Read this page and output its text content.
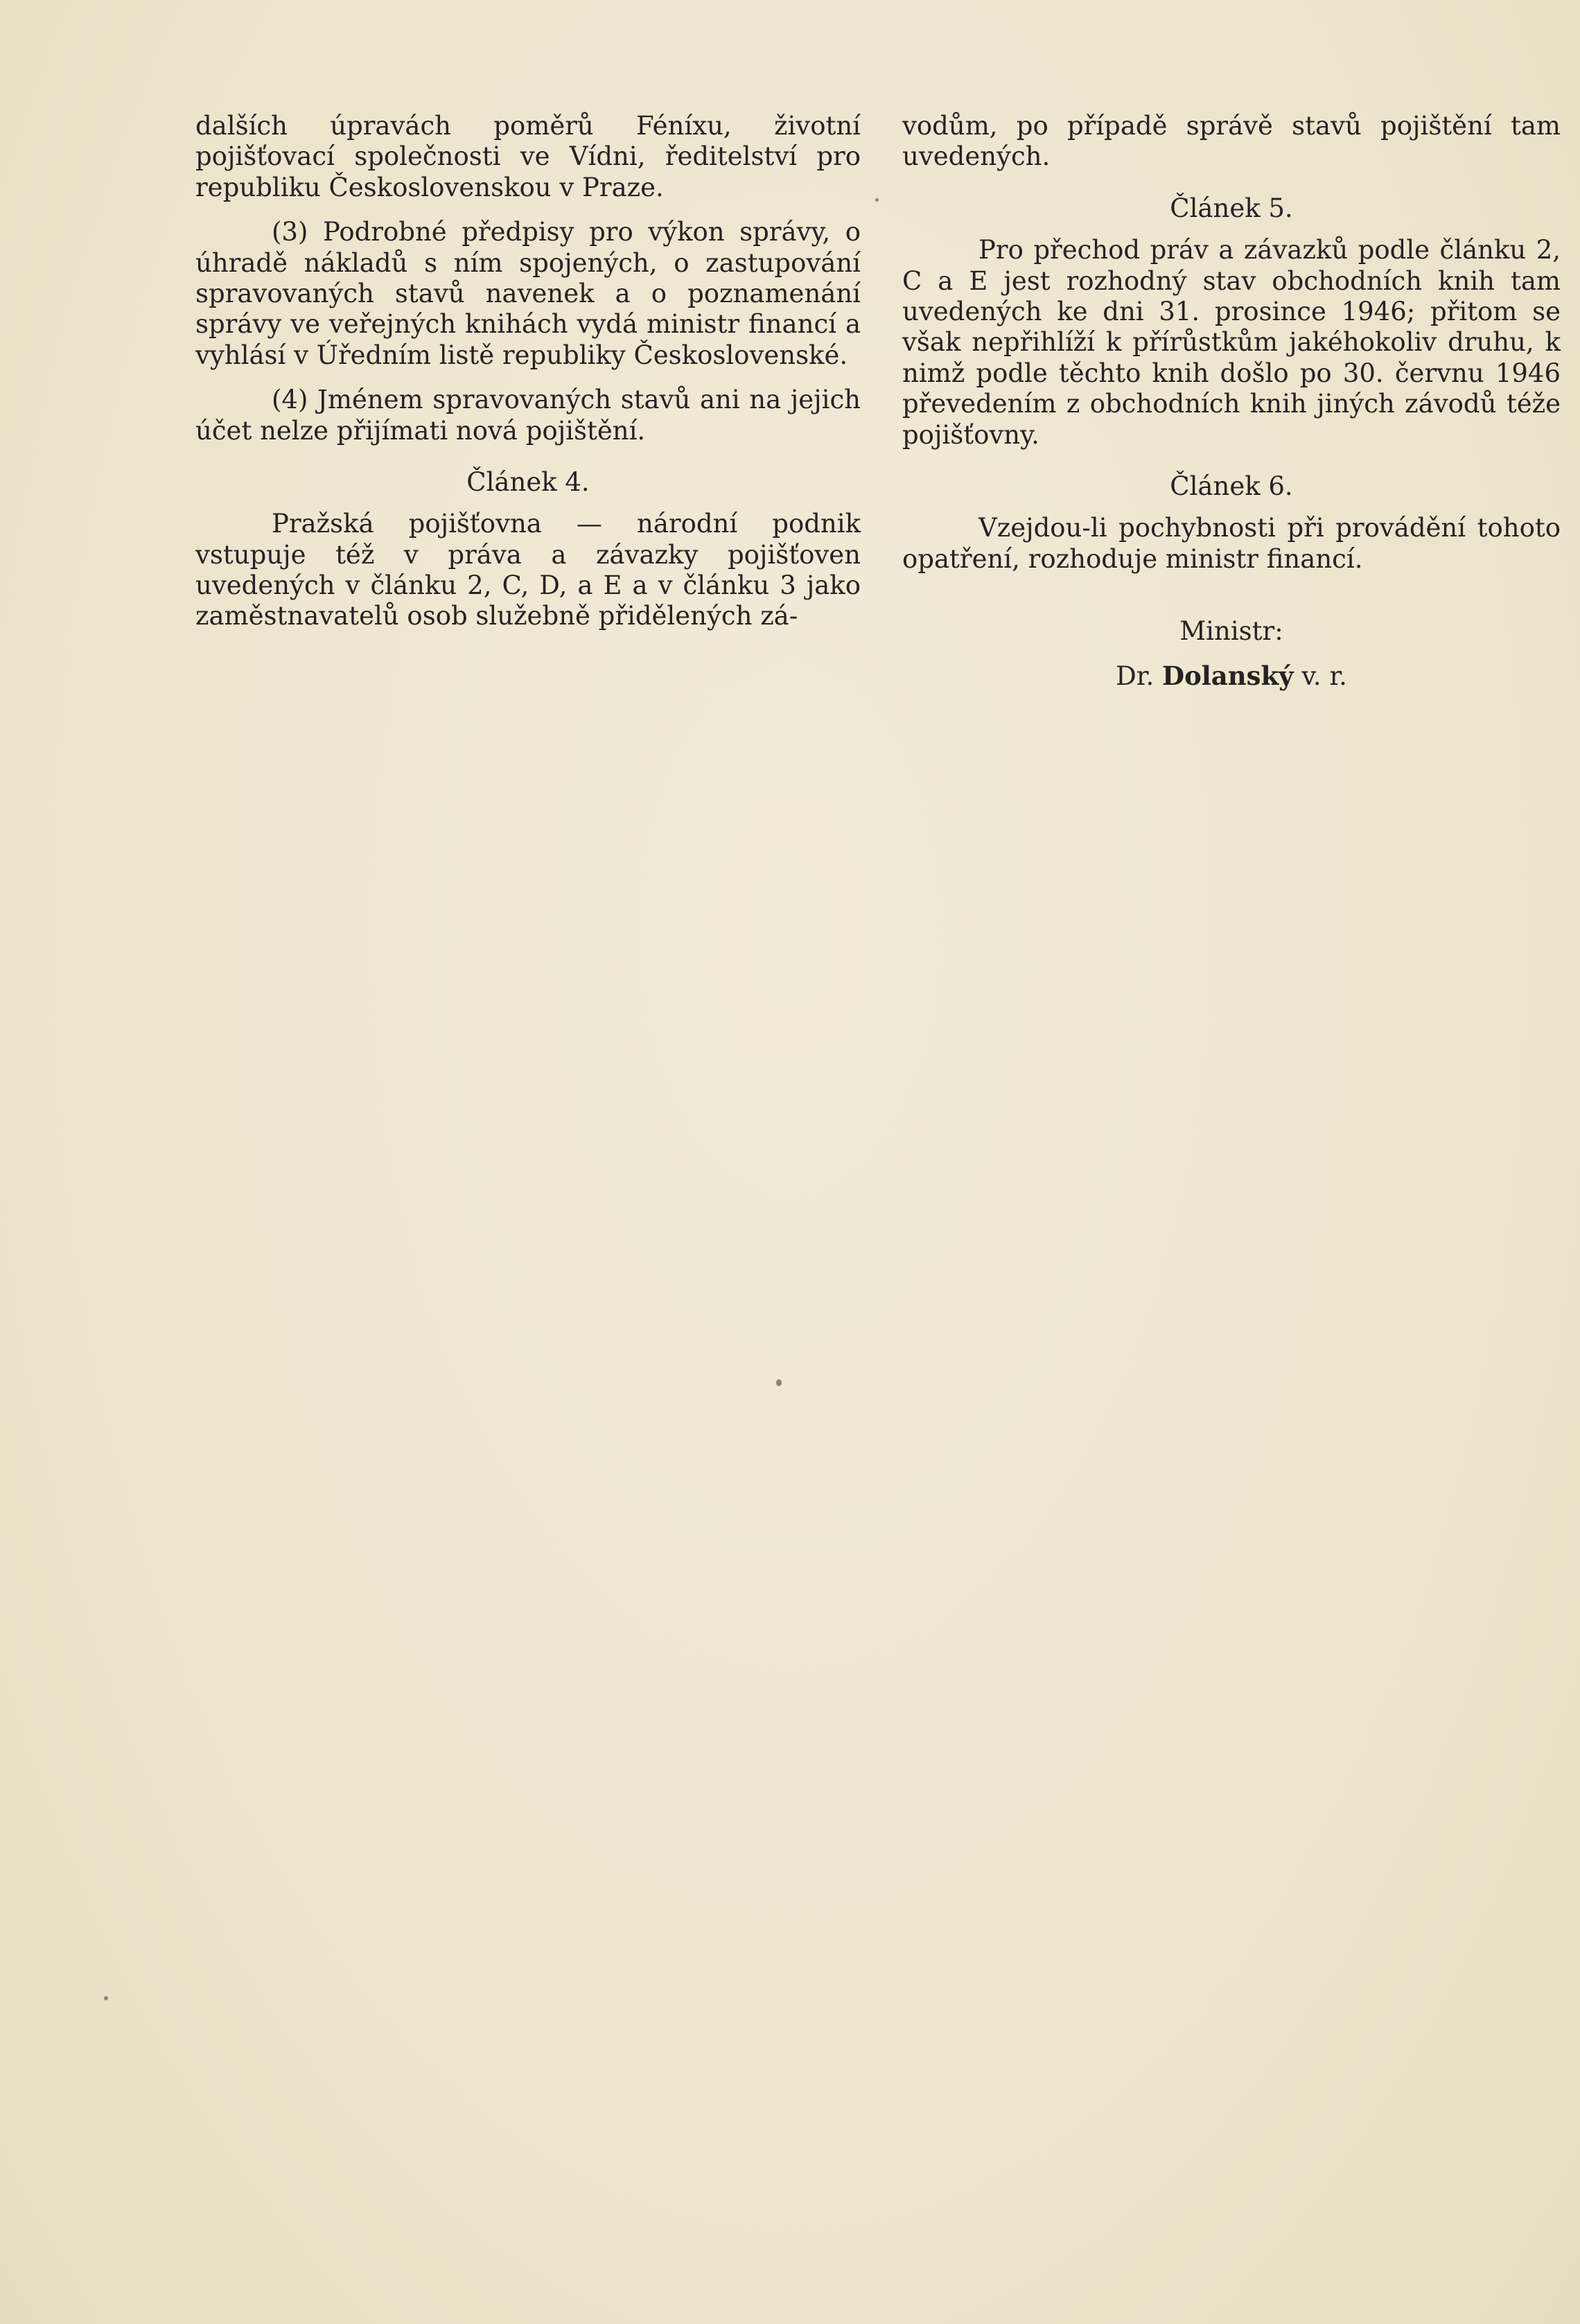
dalších úpravách poměrů Féníxu, životní pojišťovací společnosti ve Vídni, ředitelství pro republiku Československou v Praze.

(3) Podrobné předpisy pro výkon správy, o úhradě nákladů s ním spojených, o zastupování spravovaných stavů navenek a o poznamenání správy ve veřejných knihách vydá ministr financí a vyhlásí v Úředním listě republiky Československé.

(4) Jménem spravovaných stavů ani na jejich účet nelze přijímati nová pojištění.

Článek 4.

Pražská pojišťovna — národní podnik vstupuje též v práva a závazky pojišťoven uvedených v článku 2, C, D, a E a v článku 3 jako zaměstnavatelů osob služebně přidělených zá-

vodům, po případě správě stavů pojištění tam uvedených.

Článek 5.

Pro přechod práv a závazků podle článku 2, C a E jest rozhodný stav obchodních knih tam uvedených ke dni 31. prosince 1946; přitom se však nepřihlíží k přírůstkům jakéhokoliv druhu, k nimž podle těchto knih došlo po 30. červnu 1946 převedením z obchodních knih jiných závodů téže pojišťovny.

Článek 6.

Vzejdou-li pochybnosti při provádění tohoto opatření, rozhoduje ministr financí.

Ministr:

Dr. Dolanský v. r.
